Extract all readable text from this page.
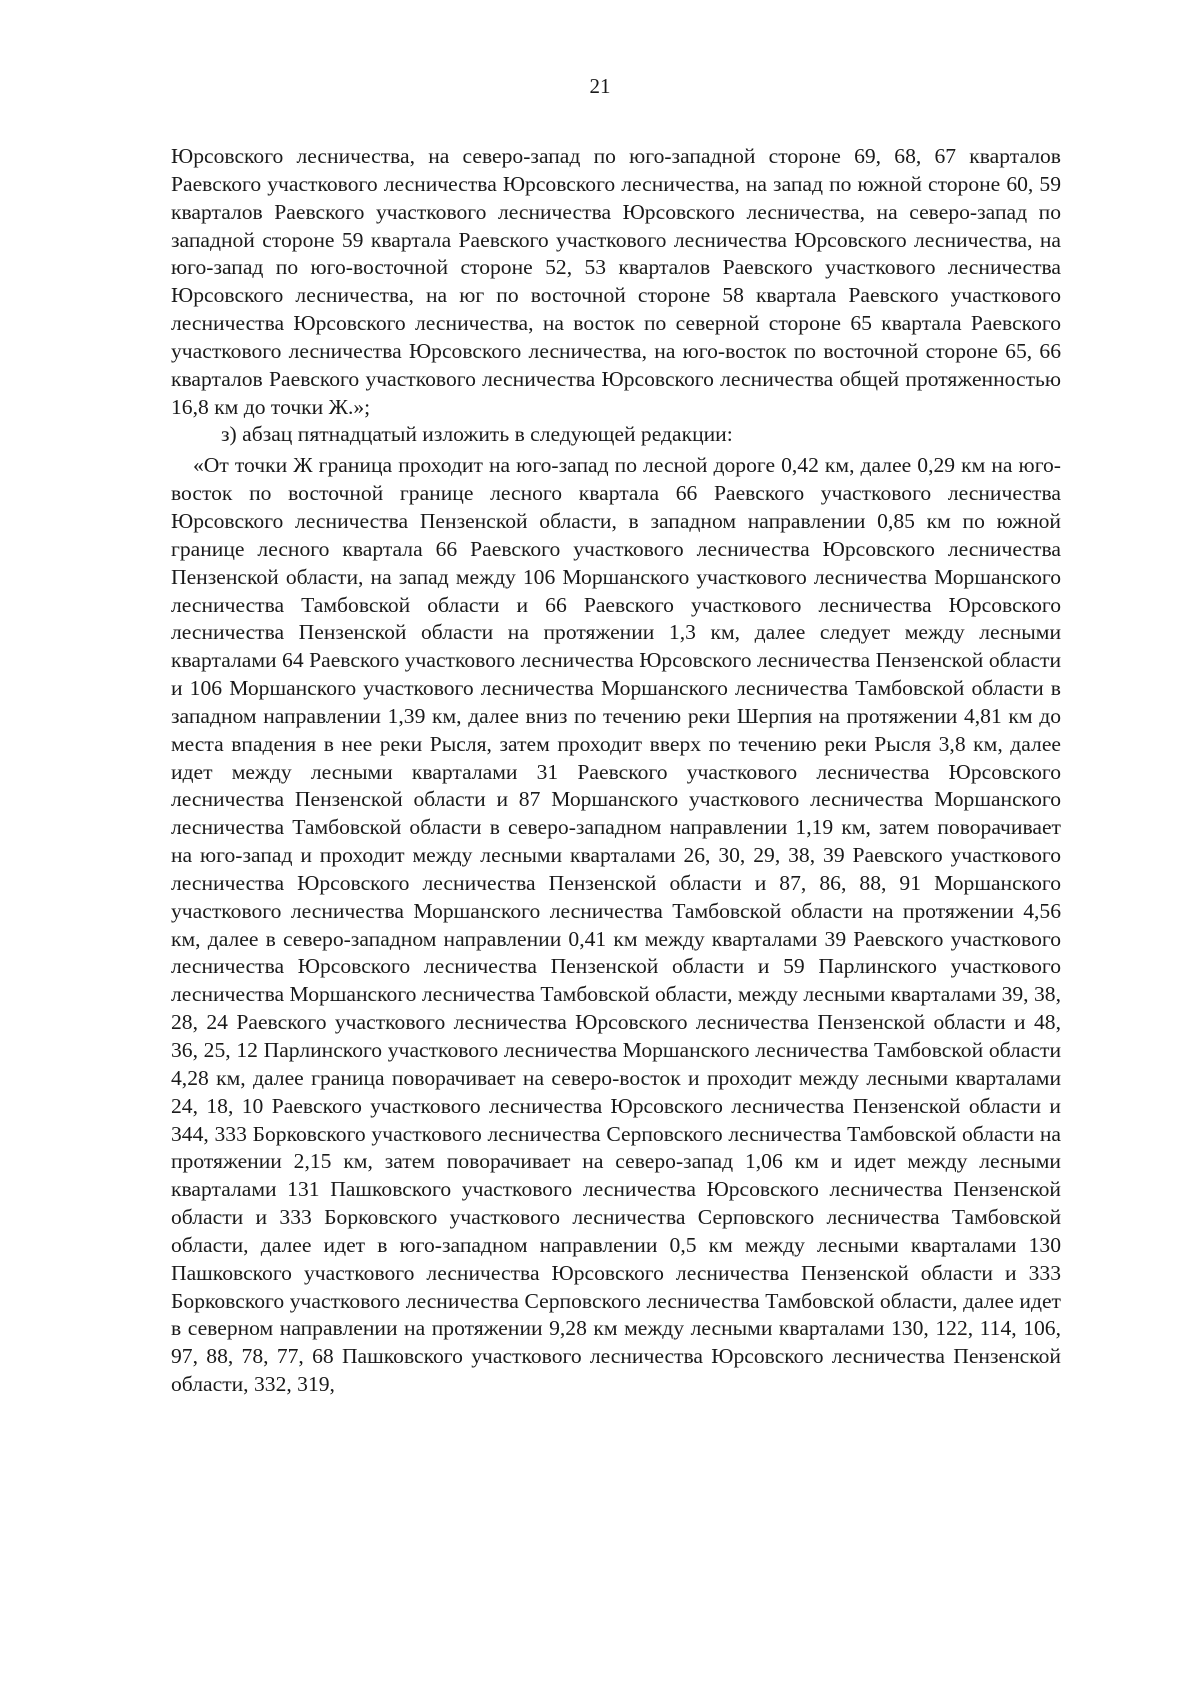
21

Юрсовского лесничества, на северо-запад по юго-западной стороне 69, 68, 67 кварталов Раевского участкового лесничества Юрсовского лесничества, на запад по южной стороне 60, 59 кварталов Раевского участкового лесничества Юрсовского лесничества, на северо-запад по западной стороне 59 квартала Раевского участкового лесничества Юрсовского лесничества, на юго-запад по юго-восточной стороне 52, 53 кварталов Раевского участкового лесничества Юрсовского лесничества, на юг по восточной стороне 58 квартала Раевского участкового лесничества Юрсовского лесничества, на восток по северной стороне 65 квартала Раевского участкового лесничества Юрсовского лесничества, на юго-восток по восточной стороне 65, 66 кварталов Раевского участкового лесничества Юрсовского лесничества общей протяженностью 16,8 км до точки Ж.»;

з) абзац пятнадцатый изложить в следующей редакции:

«От точки Ж граница проходит на юго-запад по лесной дороге 0,42 км, далее 0,29 км на юго-восток по восточной границе лесного квартала 66 Раевского участкового лесничества Юрсовского лесничества Пензенской области, в западном направлении 0,85 км по южной границе лесного квартала 66 Раевского участкового лесничества Юрсовского лесничества Пензенской области, на запад между 106 Моршанского участкового лесничества Моршанского лесничества Тамбовской области и 66 Раевского участкового лесничества Юрсовского лесничества Пензенской области на протяжении 1,3 км, далее следует между лесными кварталами 64 Раевского участкового лесничества Юрсовского лесничества Пензенской области и 106 Моршанского участкового лесничества Моршанского лесничества Тамбовской области в западном направлении 1,39 км, далее вниз по течению реки Шерпия на протяжении 4,81 км до места впадения в нее реки Рысля, затем проходит вверх по течению реки Рысля 3,8 км, далее идет между лесными кварталами 31 Раевского участкового лесничества Юрсовского лесничества Пензенской области и 87 Моршанского участкового лесничества Моршанского лесничества Тамбовской области в северо-западном направлении 1,19 км, затем поворачивает на юго-запад и проходит между лесными кварталами 26, 30, 29, 38, 39 Раевского участкового лесничества Юрсовского лесничества Пензенской области и 87, 86, 88, 91 Моршанского участкового лесничества Моршанского лесничества Тамбовской области на протяжении 4,56 км, далее в северо-западном направлении 0,41 км между кварталами 39 Раевского участкового лесничества Юрсовского лесничества Пензенской области и 59 Парлинского участкового лесничества Моршанского лесничества Тамбовской области, между лесными кварталами 39, 38, 28, 24 Раевского участкового лесничества Юрсовского лесничества Пензенской области и 48, 36, 25, 12 Парлинского участкового лесничества Моршанского лесничества Тамбовской области 4,28 км, далее граница поворачивает на северо-восток и проходит между лесными кварталами 24, 18, 10 Раевского участкового лесничества Юрсовского лесничества Пензенской области и 344, 333 Борковского участкового лесничества Серповского лесничества Тамбовской области на протяжении 2,15 км, затем поворачивает на северо-запад 1,06 км и идет между лесными кварталами 131 Пашковского участкового лесничества Юрсовского лесничества Пензенской области и 333 Борковского участкового лесничества Серповского лесничества Тамбовской области, далее идет в юго-западном направлении 0,5 км между лесными кварталами 130 Пашковского участкового лесничества Юрсовского лесничества Пензенской области и 333 Борковского участкового лесничества Серповского лесничества Тамбовской области, далее идет в северном направлении на протяжении 9,28 км между лесными кварталами 130, 122, 114, 106, 97, 88, 78, 77, 68 Пашковского участкового лесничества Юрсовского лесничества Пензенской области, 332, 319,
